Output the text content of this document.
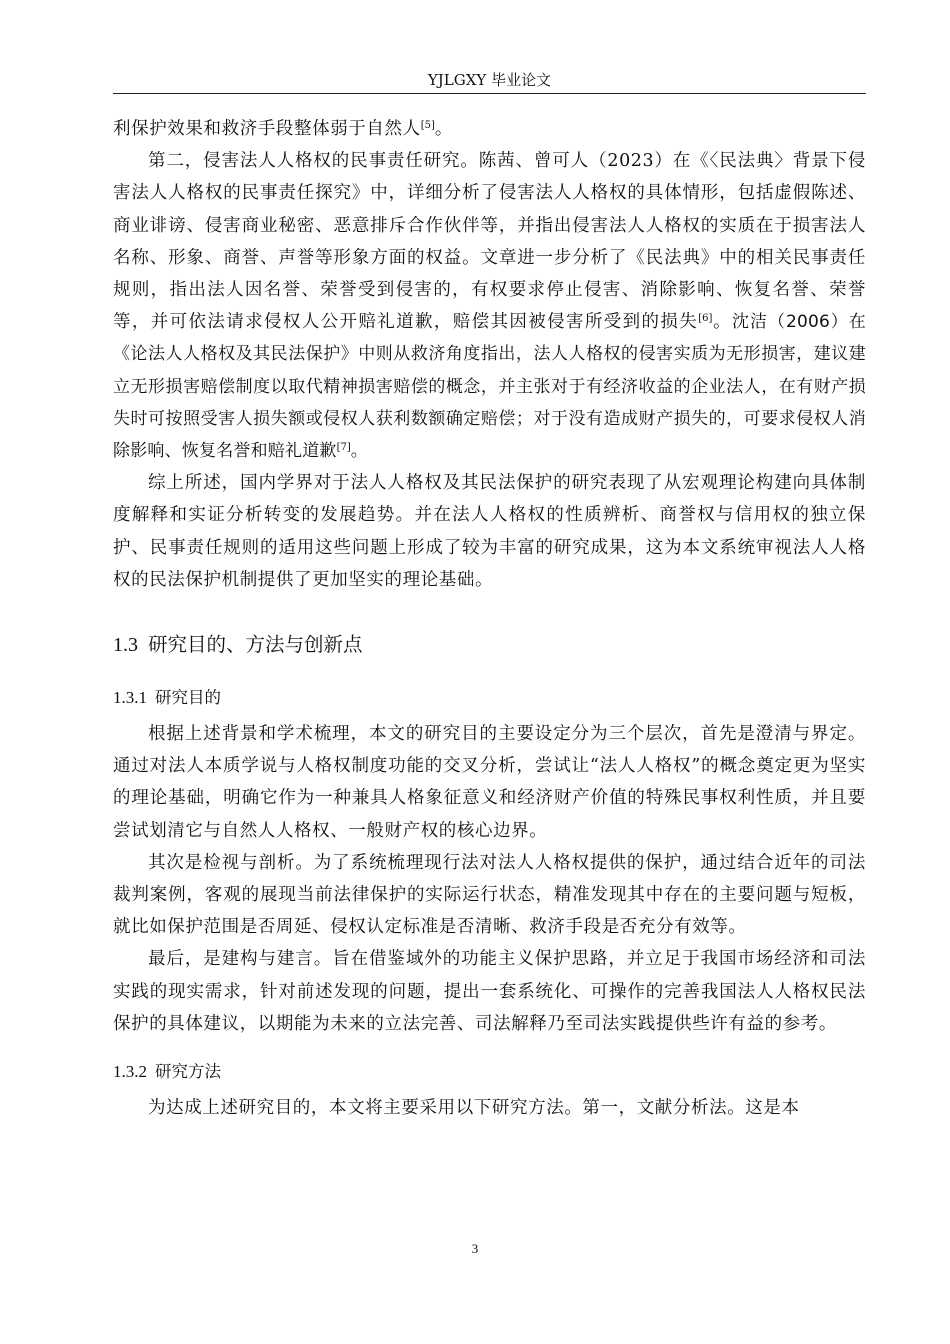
YJLGXY 毕业论文

利保护效果和救济手段整体弱于自然人[5]。

第二，侵害法人人格权的民事责任研究。陈茜、曾可人（2023）在《〈民法典〉背景下侵害法人人格权的民事责任探究》中，详细分析了侵害法人人格权的具体情形，包括虚假陈述、商业诽谤、侵害商业秘密、恶意排斥合作伙伴等，并指出侵害法人人格权的实质在于损害法人名称、形象、商誉、声誉等形象方面的权益。文章进一步分析了《民法典》中的相关民事责任规则，指出法人因名誉、荣誉受到侵害的，有权要求停止侵害、消除影响、恢复名誉、荣誉等，并可依法请求侵权人公开赔礼道歉，赔偿其因被侵害所受到的损失[6]。沈洁（2006）在《论法人人格权及其民法保护》中则从救济角度指出，法人人格权的侵害实质为无形损害，建议建立无形损害赔偿制度以取代精神损害赔偿的概念，并主张对于有经济收益的企业法人，在有财产损失时可按照受害人损失额或侵权人获利数额确定赔偿；对于没有造成财产损失的，可要求侵权人消除影响、恢复名誉和赔礼道歉[7]。

综上所述，国内学界对于法人人格权及其民法保护的研究表现了从宏观理论构建向具体制度解释和实证分析转变的发展趋势。并在法人人格权的性质辨析、商誉权与信用权的独立保护、民事责任规则的适用这些问题上形成了较为丰富的研究成果，这为本文系统审视法人人格权的民法保护机制提供了更加坚实的理论基础。

1.3 研究目的、方法与创新点
1.3.1 研究目的

根据上述背景和学术梳理，本文的研究目的主要设定分为三个层次，首先是澄清与界定。通过对法人本质学说与人格权制度功能的交叉分析，尝试让“法人人格权”的概念奠定更为坚实的理论基础，明确它作为一种兼具人格象征意义和经济财产价值的特殊民事权利性质，并且要尝试划清它与自然人人格权、一般财产权的核心边界。

其次是检视与剖析。为了系统梳理现行法对法人人格权提供的保护，通过结合近年的司法裁判案例，客观的展现当前法律保护的实际运行状态，精准发现其中存在的主要问题与短板，就比如保护范围是否周延、侵权认定标准是否清晰、救济手段是否充分有效等。

最后，是建构与建言。旨在借鉴域外的功能主义保护思路，并立足于我国市场经济和司法实践的现实需求，针对前述发现的问题，提出一套系统化、可操作的完善我国法人人格权民法保护的具体建议，以期能为未来的立法完善、司法解释乃至司法实践提供些许有益的参考。

1.3.2 研究方法

为达成上述研究目的，本文将主要采用以下研究方法。第一，文献分析法。这是本

3
